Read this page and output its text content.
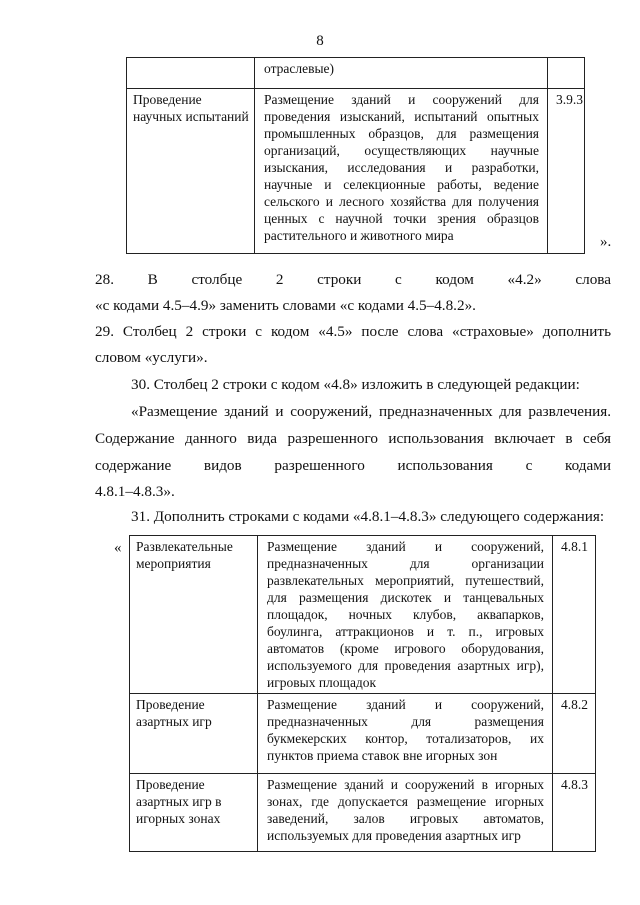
8
	отраслевые)	
Проведение научных испытаний	Размещение зданий и сооружений для проведения изысканий, испытаний опытных промышленных образцов, для размещения организаций, осуществляющих научные изыскания, исследования и разработки, научные и селекционные работы, ведение сельского и лесного хозяйства для получения ценных с научной точки зрения образцов растительного и животного мира	3.9.3
».
28. В столбце 2 строки с кодом «4.2» слова
«с кодами 4.5–4.9» заменить словами «с кодами 4.5–4.8.2».
29. Столбец 2 строки с кодом «4.5» после слова «страховые» дополнить
словом «услуги».
30. Столбец 2 строки с кодом «4.8» изложить в следующей редакции:
«Размещение зданий и сооружений, предназначенных для развлечения.
Содержание данного вида разрешенного использования включает в себя
содержание видов разрешенного использования с кодами
4.8.1–4.8.3».
31. Дополнить строками с кодами «4.8.1–4.8.3» следующего содержания:
« Развлекательные мероприятия	Размещение зданий и сооружений, предназначенных для организации развлекательных мероприятий, путешествий, для размещения дискотек и танцевальных площадок, ночных клубов, аквапарков, боулинга, аттракционов и т. п., игровых автоматов (кроме игрового оборудования, используемого для проведения азартных игр), игровых площадок	4.8.1
Проведение азартных игр	Размещение зданий и сооружений, предназначенных для размещения букмекерских контор, тотализаторов, их пунктов приема ставок вне игорных зон	4.8.2
Проведение азартных игр в игорных зонах	Размещение зданий и сооружений в игорных зонах, где допускается размещение игорных заведений, залов игровых автоматов, используемых для проведения азартных игр	4.8.3
